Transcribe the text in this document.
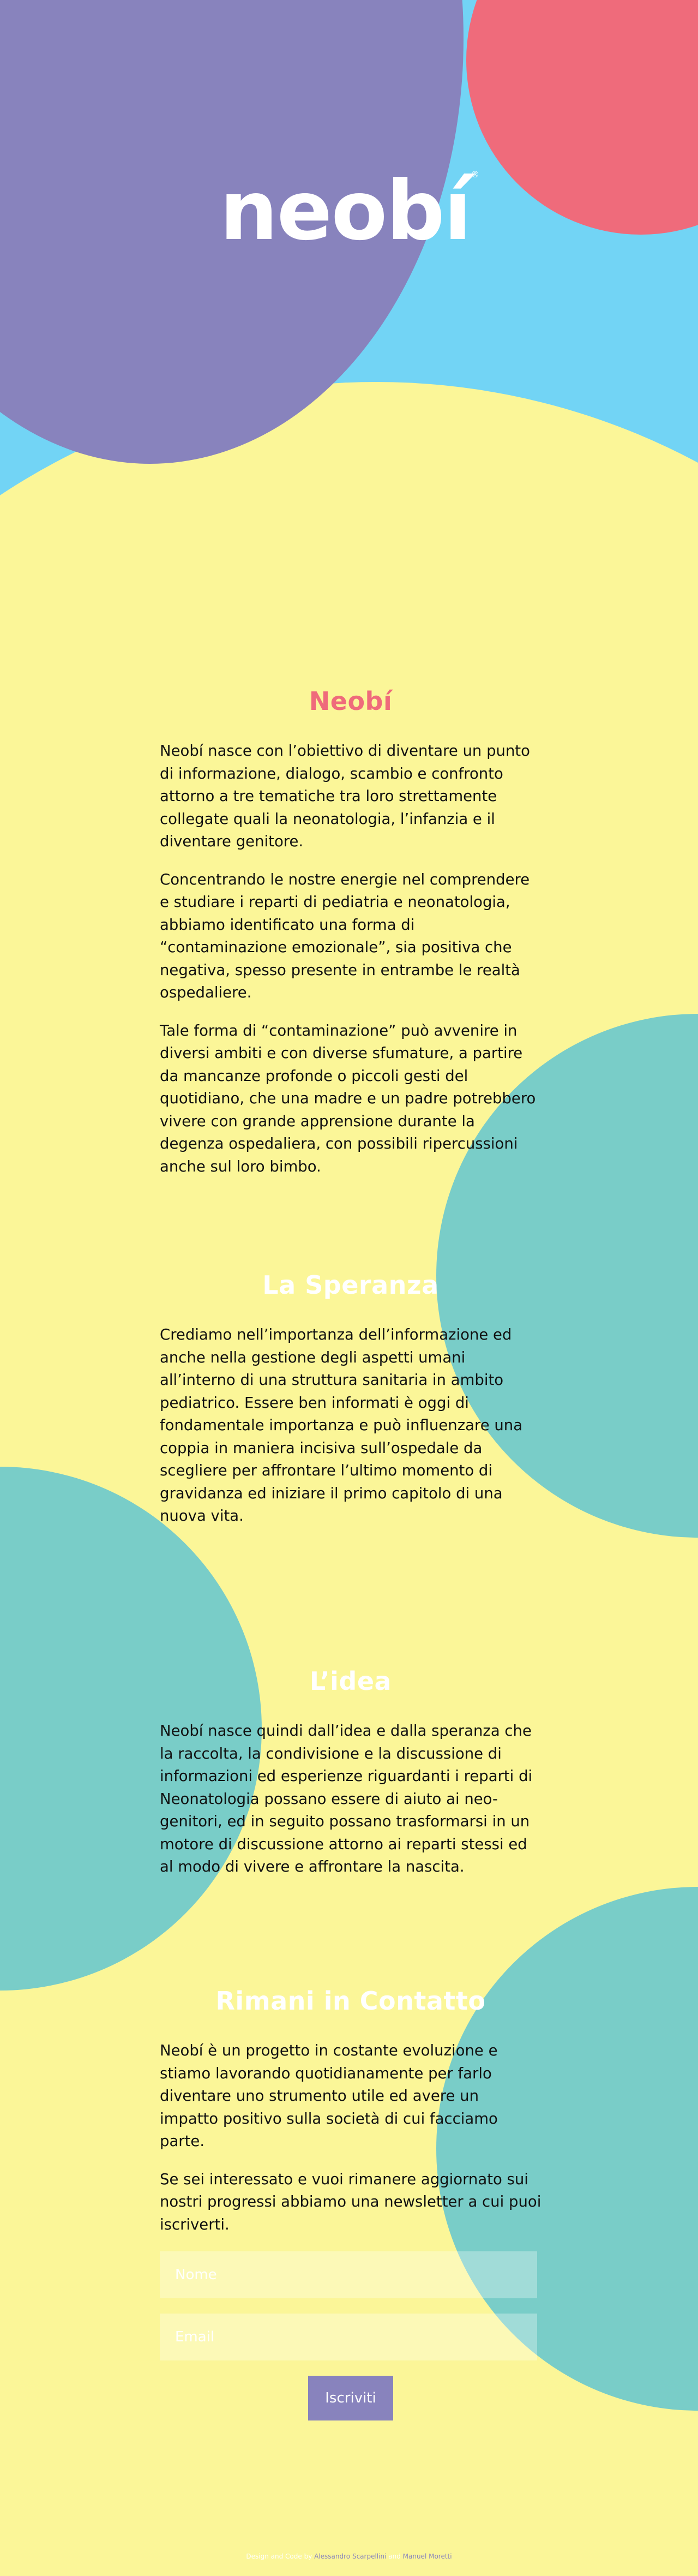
neobí®
Neobí

Neobí nasce con l’obiettivo di diventare un punto di informazione, dialogo, scambio e confronto attorno a tre tematiche tra loro strettamente collegate quali la neonatologia, l’infanzia e il diventare genitore.

Concentrando le nostre energie nel comprendere e studiare i reparti di pediatria e neonatologia, abbiamo identificato una forma di “contaminazione emozionale”, sia positiva che negativa, spesso presente in entrambe le realtà ospedaliere.

Tale forma di “contaminazione” può avvenire in diversi ambiti e con diverse sfumature, a partire da mancanze profonde o piccoli gesti del quotidiano, che una madre e un padre potrebbero vivere con grande apprensione durante la degenza ospedaliera, con possibili ripercussioni anche sul loro bimbo.

La Speranza

Crediamo nell’importanza dell’informazione ed anche nella gestione degli aspetti umani all’interno di una struttura sanitaria in ambito pediatrico. Essere ben informati è oggi di fondamentale importanza e può influenzare una coppia in maniera incisiva sull’ospedale da scegliere per affrontare l’ultimo momento di gravidanza ed iniziare il primo capitolo di una nuova vita.

L’idea

Neobí nasce quindi dall’idea e dalla speranza che la raccolta, la condivisione e la discussione di informazioni ed esperienze riguardanti i reparti di Neonatologia possano essere di aiuto ai neo-genitori, ed in seguito possano trasformarsi in un motore di discussione attorno ai reparti stessi ed al modo di vivere e affrontare la nascita.

Rimani in Contatto

Neobí è un progetto in costante evoluzione e stiamo lavorando quotidianamente per farlo diventare uno strumento utile ed avere un impatto positivo sulla società di cui facciamo parte.

Se sei interessato e vuoi rimanere aggiornato sui nostri progressi abbiamo una newsletter a cui puoi iscriverti.

Nome
Email
Iscriviti
Design and Code by Alessandro Scarpellini and Manuel Moretti
